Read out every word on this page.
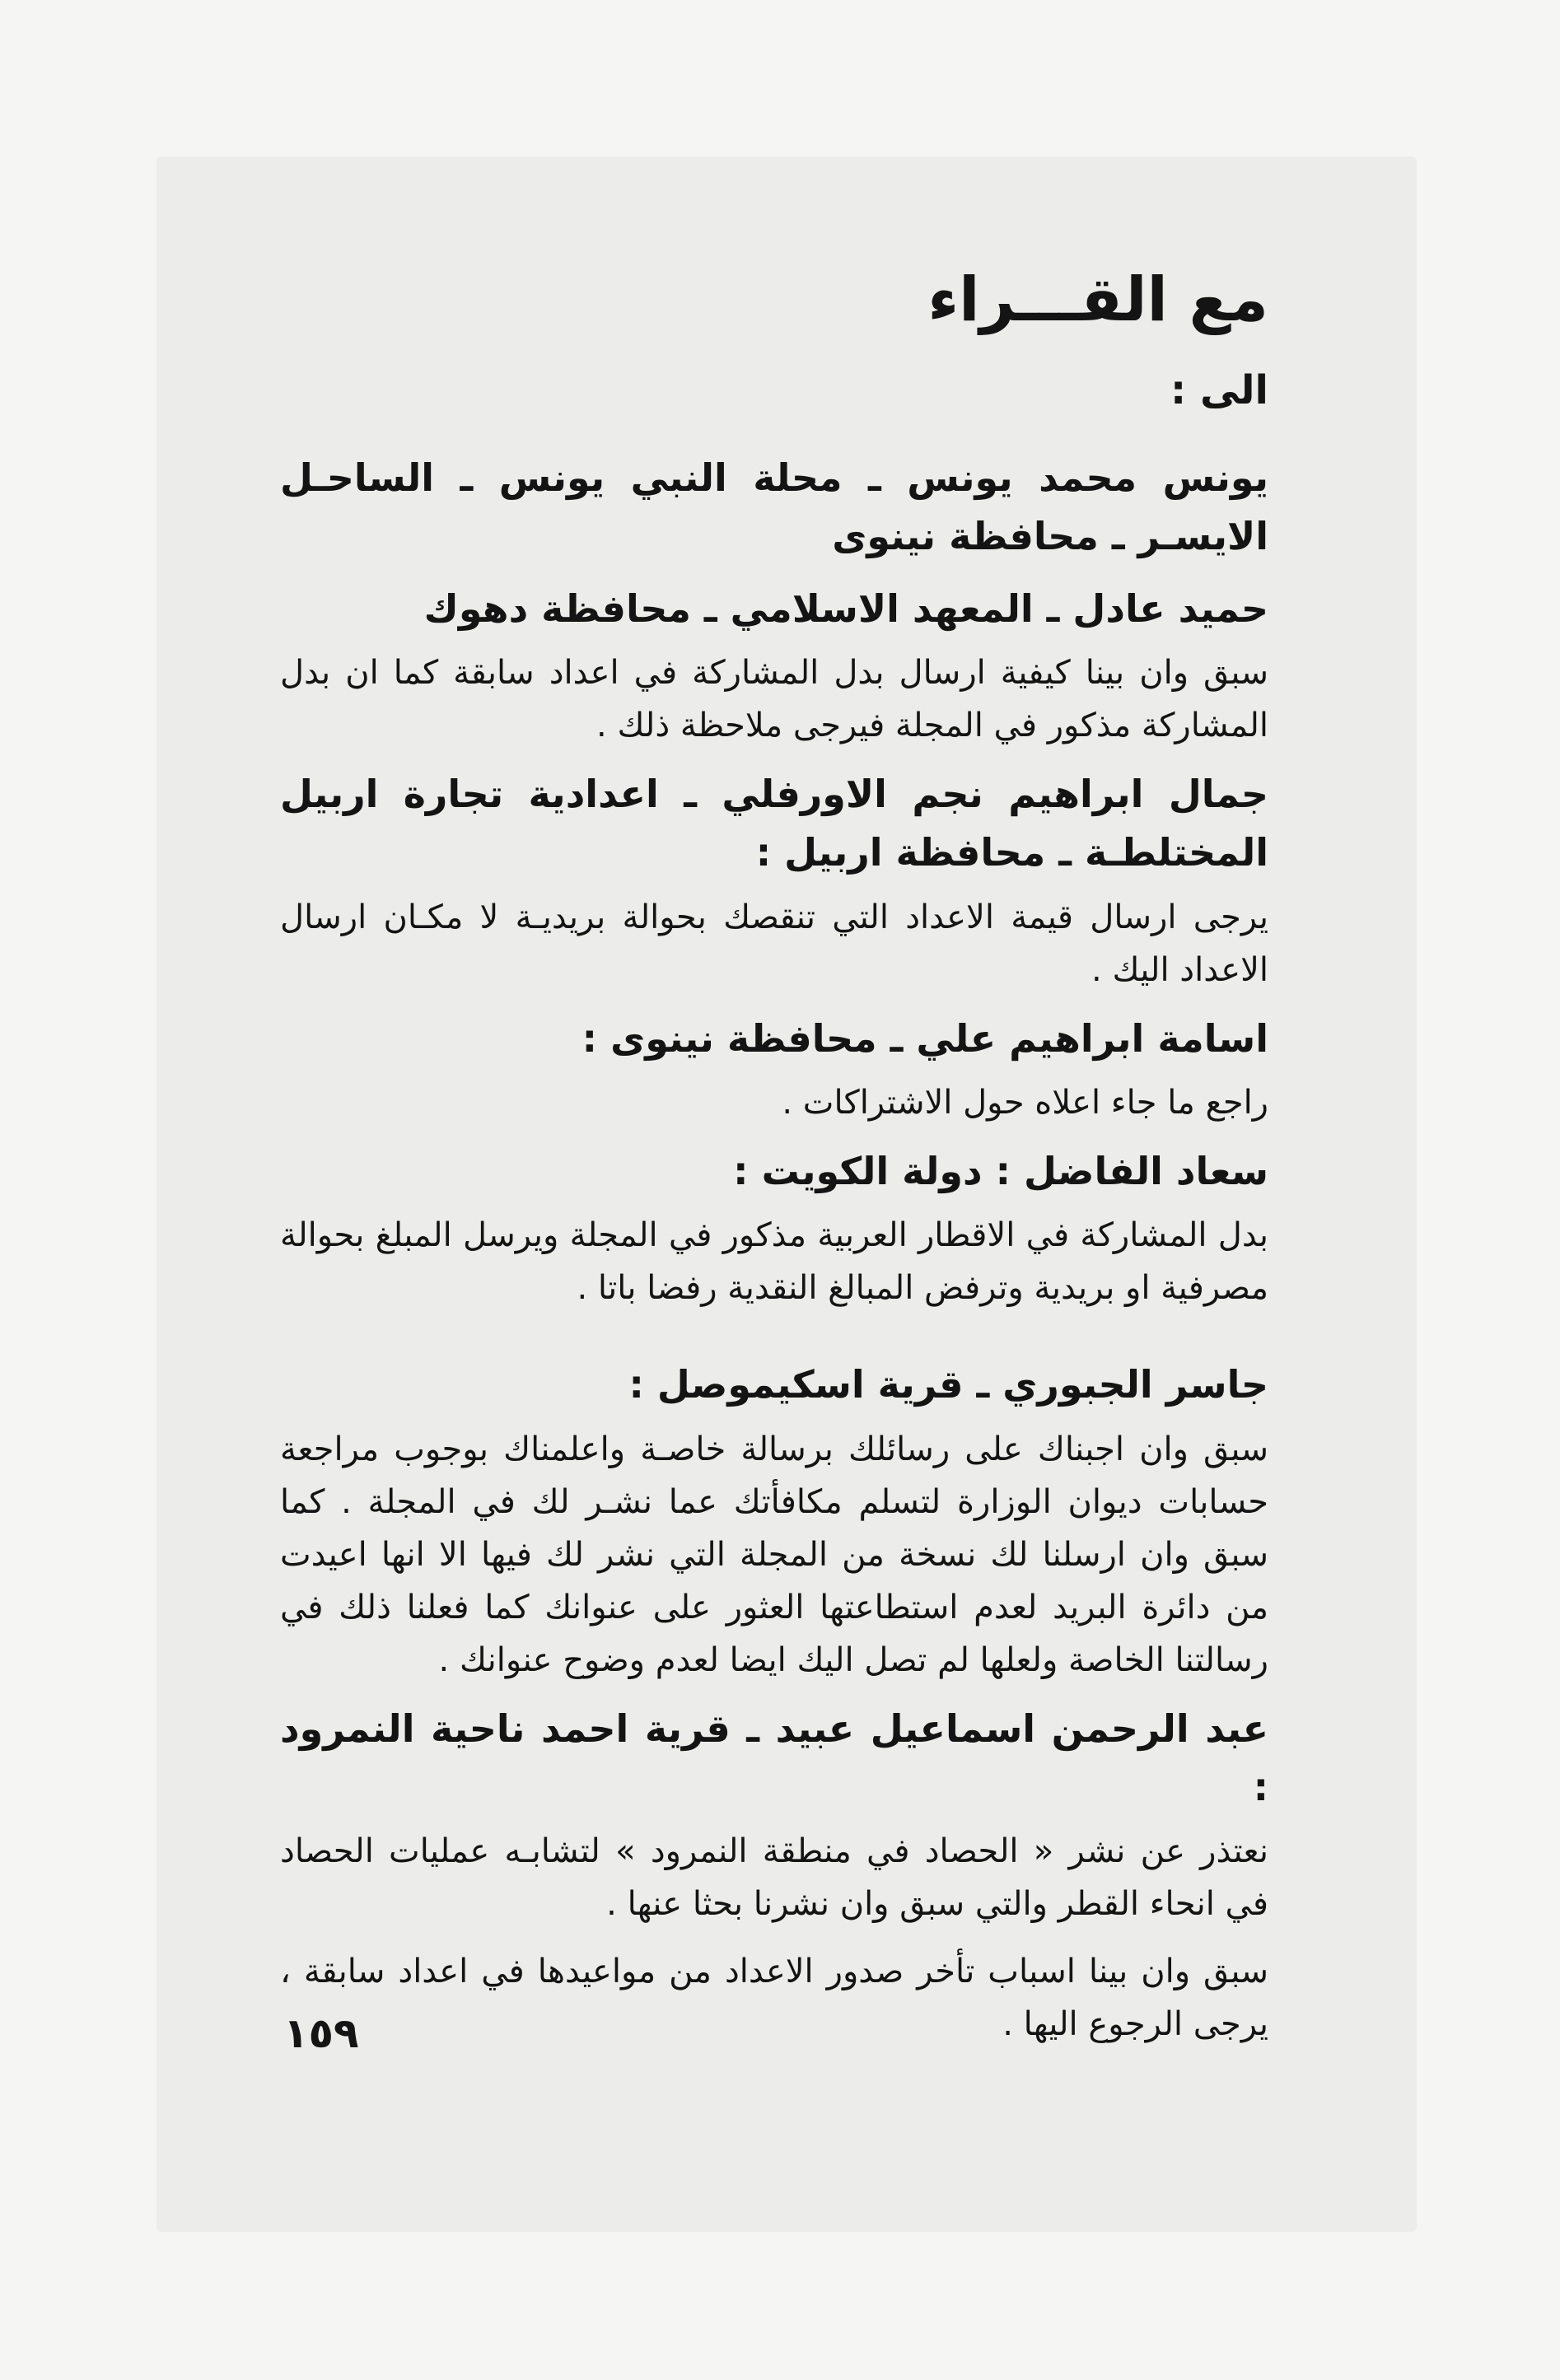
مع القـــراء
الى :
يونس محمد يونس ـ محلة النبي يونس ـ الساحـل الايسـر ـ محافظة نينوى
حميد عادل ـ المعهد الاسلامي ـ محافظة دهوك
سبق وان بينا كيفية ارسال بدل المشاركة في اعداد سابقة كما ان بدل المشاركة مذكور في المجلة فيرجى ملاحظة ذلك .
جمال ابراهيم نجم الاورفلي ـ اعدادية تجارة اربيل المختلطـة ـ محافظة اربيل :
يرجى ارسال قيمة الاعداد التي تنقصك بحوالة بريديـة لا مكـان ارسال الاعداد اليك .
اسامة ابراهيم علي ـ محافظة نينوى :
راجع ما جاء اعلاه حول الاشتراكات .
سعاد الفاضل : دولة الكويت :
بدل المشاركة في الاقطار العربية مذكور في المجلة ويرسل المبلغ بحوالة مصرفية او بريدية وترفض المبالغ النقدية رفضا باتا .
جاسر الجبوري ـ قرية اسكيموصل :
سبق وان اجبناك على رسائلك برسالة خاصـة واعلمناك بوجوب مراجعة حسابات ديوان الوزارة لتسلم مكافأتك عما نشـر لك في المجلة . كما سبق وان ارسلنا لك نسخة من المجلة التي نشر لك فيها الا انها اعيدت من دائرة البريد لعدم استطاعتها العثور على عنوانك كما فعلنا ذلك في رسالتنا الخاصة ولعلها لم تصل اليك ايضا لعدم وضوح عنوانك .
عبد الرحمن اسماعيل عبيد ـ قرية احمد ناحية النمرود :
نعتذر عن نشر « الحصاد في منطقة النمرود » لتشابـه عمليات الحصاد في انحاء القطر والتي سبق وان نشرنا بحثا عنها .
سبق وان بينا اسباب تأخر صدور الاعداد من مواعيدها في اعداد سابقة ، يرجى الرجوع اليها .
١٥٩
